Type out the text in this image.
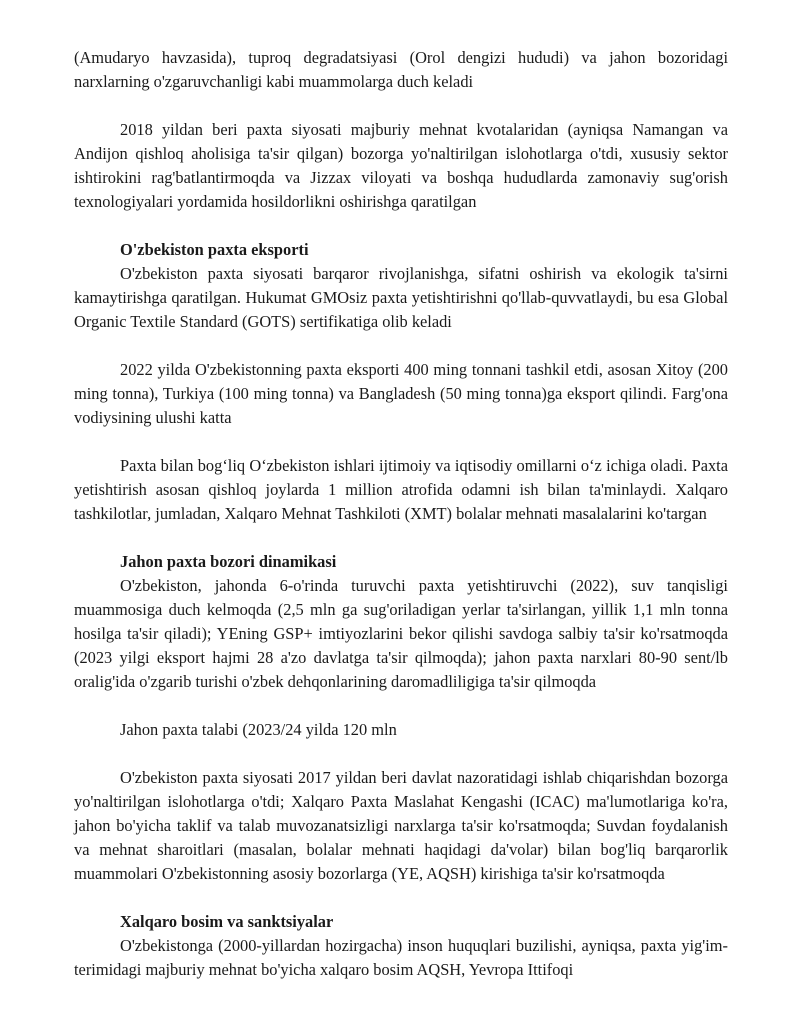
(Amudaryo havzasida), tuproq degradatsiyasi (Orol dengizi hududi) va jahon bozoridagi narxlarning o'zgaruvchanligi kabi muammolarga duch keladi

2018 yildan beri paxta siyosati majburiy mehnat kvotalaridan (ayniqsa Namangan va Andijon qishloq aholisiga ta'sir qilgan) bozorga yo'naltirilgan islohotlarga o'tdi, xususiy sektor ishtirokini rag'batlantirmoqda va Jizzax viloyati va boshqa hududlarda zamonaviy sug'orish texnologiyalari yordamida hosildorlikni oshirishga qaratilgan

O'zbekiston paxta eksporti

O'zbekiston paxta siyosati barqaror rivojlanishga, sifatni oshirish va ekologik ta'sirni kamaytirishga qaratilgan. Hukumat GMOsiz paxta yetishtirishni qo'llab-quvvatlaydi, bu esa Global Organic Textile Standard (GOTS) sertifikatiga olib keladi

2022 yilda O'zbekistonning paxta eksporti 400 ming tonnani tashkil etdi, asosan Xitoy (200 ming tonna), Turkiya (100 ming tonna) va Bangladesh (50 ming tonna)ga eksport qilindi. Farg'ona vodiysining ulushi katta

Paxta bilan bog‘liq O‘zbekiston ishlari ijtimoiy va iqtisodiy omillarni o‘z ichiga oladi. Paxta yetishtirish asosan qishloq joylarda 1 million atrofida odamni ish bilan ta'minlaydi. Xalqaro tashkilotlar, jumladan, Xalqaro Mehnat Tashkiloti (XMT) bolalar mehnati masalalarini ko'targan

Jahon paxta bozori dinamikasi

O'zbekiston, jahonda 6-o'rinda turuvchi paxta yetishtiruvchi (2022), suv tanqisligi muammosiga duch kelmoqda (2,5 mln ga sug'oriladigan yerlar ta'sirlangan, yillik 1,1 mln tonna hosilga ta'sir qiladi); YEning GSP+ imtiyozlarini bekor qilishi savdoga salbiy ta'sir ko'rsatmoqda (2023 yilgi eksport hajmi 28 a'zo davlatga ta'sir qilmoqda); jahon paxta narxlari 80-90 sent/lb oralig'ida o'zgarib turishi o'zbek dehqonlarining daromadliligiga ta'sir qilmoqda

Jahon paxta talabi (2023/24 yilda 120 mln

O'zbekiston paxta siyosati 2017 yildan beri davlat nazoratidagi ishlab chiqarishdan bozorga yo'naltirilgan islohotlarga o'tdi; Xalqaro Paxta Maslahat Kengashi (ICAC) ma'lumotlariga ko'ra, jahon bo'yicha taklif va talab muvozanatsizligi narxlarga ta'sir ko'rsatmoqda; Suvdan foydalanish va mehnat sharoitlari (masalan, bolalar mehnati haqidagi da'volar) bilan bog'liq barqarorlik muammolari O'zbekistonning asosiy bozorlarga (YE, AQSH) kirishiga ta'sir ko'rsatmoqda

Xalqaro bosim va sanktsiyalar

O'zbekistonga (2000-yillardan hozirgacha) inson huquqlari buzilishi, ayniqsa, paxta yig'im-terimidagi majburiy mehnat bo'yicha xalqaro bosim AQSH, Yevropa Ittifoqi
